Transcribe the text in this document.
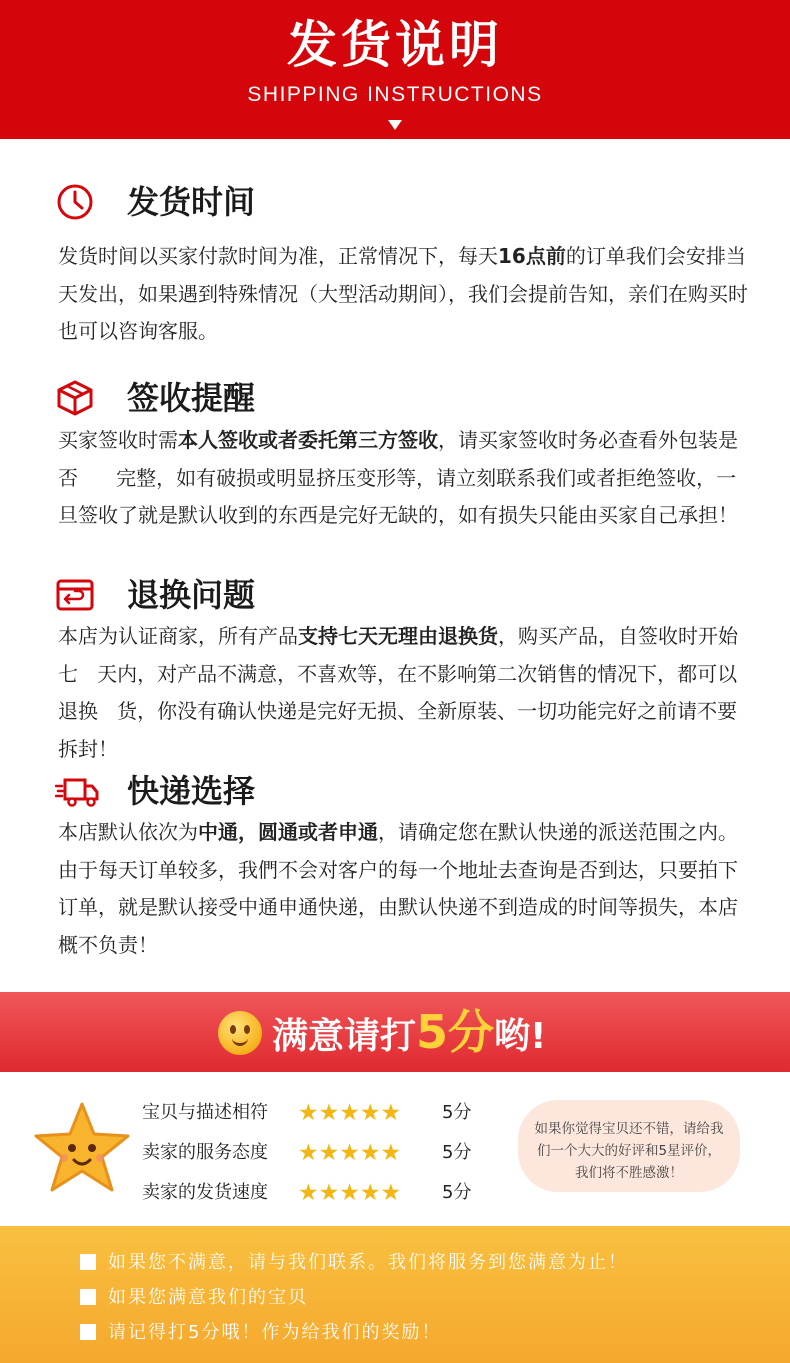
发货说明
SHIPPING INSTRUCTIONS
发货时间
发货时间以买家付款时间为准，正常情况下，每天16点前的订单我们会安排当天发出，如果遇到特殊情况（大型活动期间），我们会提前告知，亲们在购买时也可以咨询客服。
签收提醒
买家签收时需本人签收或者委托第三方签收，请买家签收时务必查看外包装是否      完整，如有破损或明显挤压变形等，请立刻联系我们或者拒绝签收，一旦签收了就是默认收到的东西是完好无缺的，如有损失只能由买家自己承担！
退换问题
本店为认证商家，所有产品支持七天无理由退换货，购买产品，自签收时开始七   天内，对产品不满意，不喜欢等，在不影响第二次销售的情况下，都可以退换   货，你没有确认快递是完好无损、全新原装、一切功能完好之前请不要拆封！
快递选择
本店默认依次为中通，圆通或者申通，请确定您在默认快递的派送范围之内。由于每天订单较多，我們不会对客户的每一个地址去查询是否到达，只要拍下订单，就是默认接受中通申通快递，由默认快递不到造成的时间等损失，本店概不负责！
满意请打5分哟!
宝贝与描述相符 ★★★★★ 5分
卖家的服务态度 ★★★★★ 5分
卖家的发货速度 ★★★★★ 5分
如果你觉得宝贝还不错，请给我们一个大大的好评和5星评价，我们将不胜感激！
如果您不满意，请与我们联系。我们将服务到您满意为止！
如果您满意我们的宝贝
请记得打5分哦！作为给我们的奖励！
